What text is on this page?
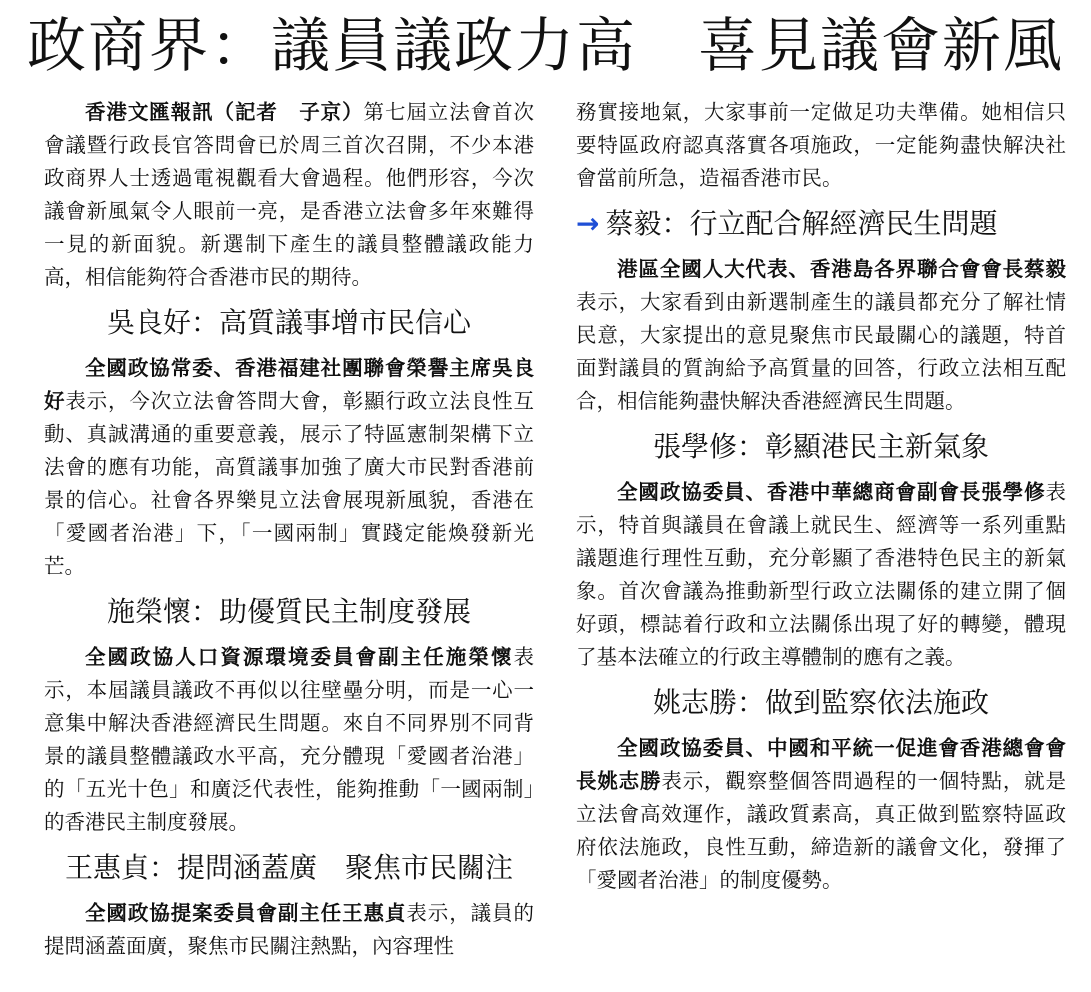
政商界：議員議政力高　喜見議會新風

香港文匯報訊（記者　子京）第七屆立法會首次會議暨行政長官答問會已於周三首次召開，不少本港政商界人士透過電視觀看大會過程。他們形容，今次議會新風氣令人眼前一亮，是香港立法會多年來難得一見的新面貌。新選制下產生的議員整體議政能力高，相信能夠符合香港市民的期待。

吳良好：高質議事增市民信心

全國政協常委、香港福建社團聯會榮譽主席吳良好表示，今次立法會答問大會，彰顯行政立法良性互動、真誠溝通的重要意義，展示了特區憲制架構下立法會的應有功能，高質議事加強了廣大市民對香港前景的信心。社會各界樂見立法會展現新風貌，香港在「愛國者治港」下，「一國兩制」實踐定能煥發新光芒。

施榮懷：助優質民主制度發展

全國政協人口資源環境委員會副主任施榮懷表示，本屆議員議政不再似以往壁壘分明，而是一心一意集中解決香港經濟民生問題。來自不同界別不同背景的議員整體議政水平高，充分體現「愛國者治港」的「五光十色」和廣泛代表性，能夠推動「一國兩制」的香港民主制度發展。

王惠貞：提問涵蓋廣　聚焦市民關注

全國政協提案委員會副主任王惠貞表示，議員的提問涵蓋面廣，聚焦市民關注熱點，內容理性

務實接地氣，大家事前一定做足功夫準備。她相信只要特區政府認真落實各項施政，一定能夠盡快解決社會當前所急，造福香港市民。

→ 蔡毅：行立配合解經濟民生問題

港區全國人大代表、香港島各界聯合會會長蔡毅表示，大家看到由新選制產生的議員都充分了解社情民意，大家提出的意見聚焦市民最關心的議題，特首面對議員的質詢給予高質量的回答，行政立法相互配合，相信能夠盡快解決香港經濟民生問題。

張學修：彰顯港民主新氣象

全國政協委員、香港中華總商會副會長張學修表示，特首與議員在會議上就民生、經濟等一系列重點議題進行理性互動，充分彰顯了香港特色民主的新氣象。首次會議為推動新型行政立法關係的建立開了個好頭，標誌着行政和立法關係出現了好的轉變，體現了基本法確立的行政主導體制的應有之義。

姚志勝：做到監察依法施政

全國政協委員、中國和平統一促進會香港總會會長姚志勝表示，觀察整個答問過程的一個特點，就是立法會高效運作，議政質素高，真正做到監察特區政府依法施政，良性互動，締造新的議會文化，發揮了「愛國者治港」的制度優勢。
